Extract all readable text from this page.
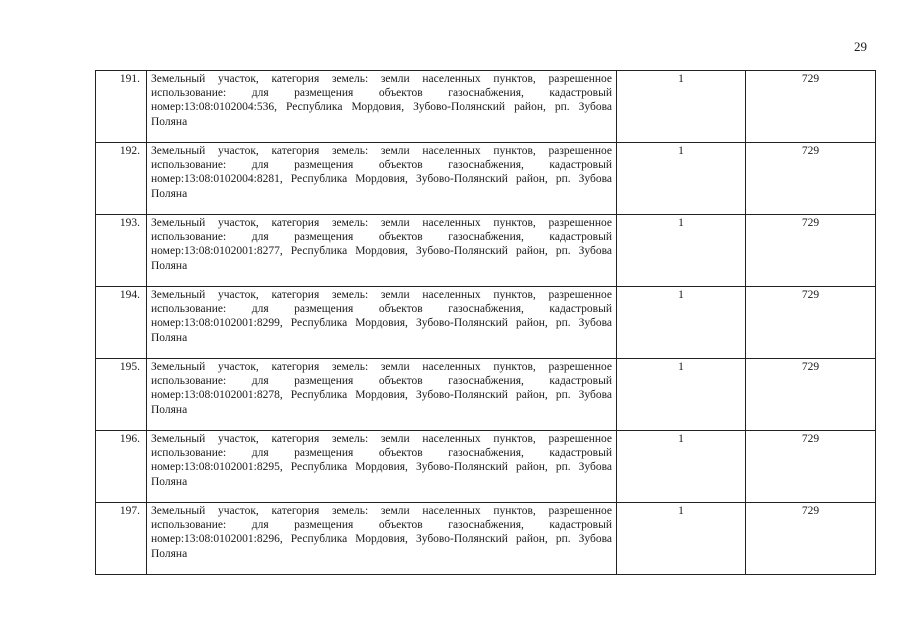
29
191.	Земельный участок, категория земель: земли населенных пунктов, разрешенное использование: для размещения объектов газоснабжения, кадастровый номер:13:08:0102004:536, Республика Мордовия, Зубово-Полянский район, рп. Зубова Поляна	1	729
192.	Земельный участок, категория земель: земли населенных пунктов, разрешенное использование: для размещения объектов газоснабжения, кадастровый номер:13:08:0102004:8281, Республика Мордовия, Зубово-Полянский район, рп. Зубова Поляна	1	729
193.	Земельный участок, категория земель: земли населенных пунктов, разрешенное использование: для размещения объектов газоснабжения, кадастровый номер:13:08:0102001:8277, Республика Мордовия, Зубово-Полянский район, рп. Зубова Поляна	1	729
194.	Земельный участок, категория земель: земли населенных пунктов, разрешенное использование: для размещения объектов газоснабжения, кадастровый номер:13:08:0102001:8299, Республика Мордовия, Зубово-Полянский район, рп. Зубова Поляна	1	729
195.	Земельный участок, категория земель: земли населенных пунктов, разрешенное использование: для размещения объектов газоснабжения, кадастровый номер:13:08:0102001:8278, Республика Мордовия, Зубово-Полянский район, рп. Зубова Поляна	1	729
196.	Земельный участок, категория земель: земли населенных пунктов, разрешенное использование: для размещения объектов газоснабжения, кадастровый номер:13:08:0102001:8295, Республика Мордовия, Зубово-Полянский район, рп. Зубова Поляна	1	729
197.	Земельный участок, категория земель: земли населенных пунктов, разрешенное использование: для размещения объектов газоснабжения, кадастровый номер:13:08:0102001:8296, Республика Мордовия, Зубово-Полянский район, рп. Зубова Поляна	1	729
